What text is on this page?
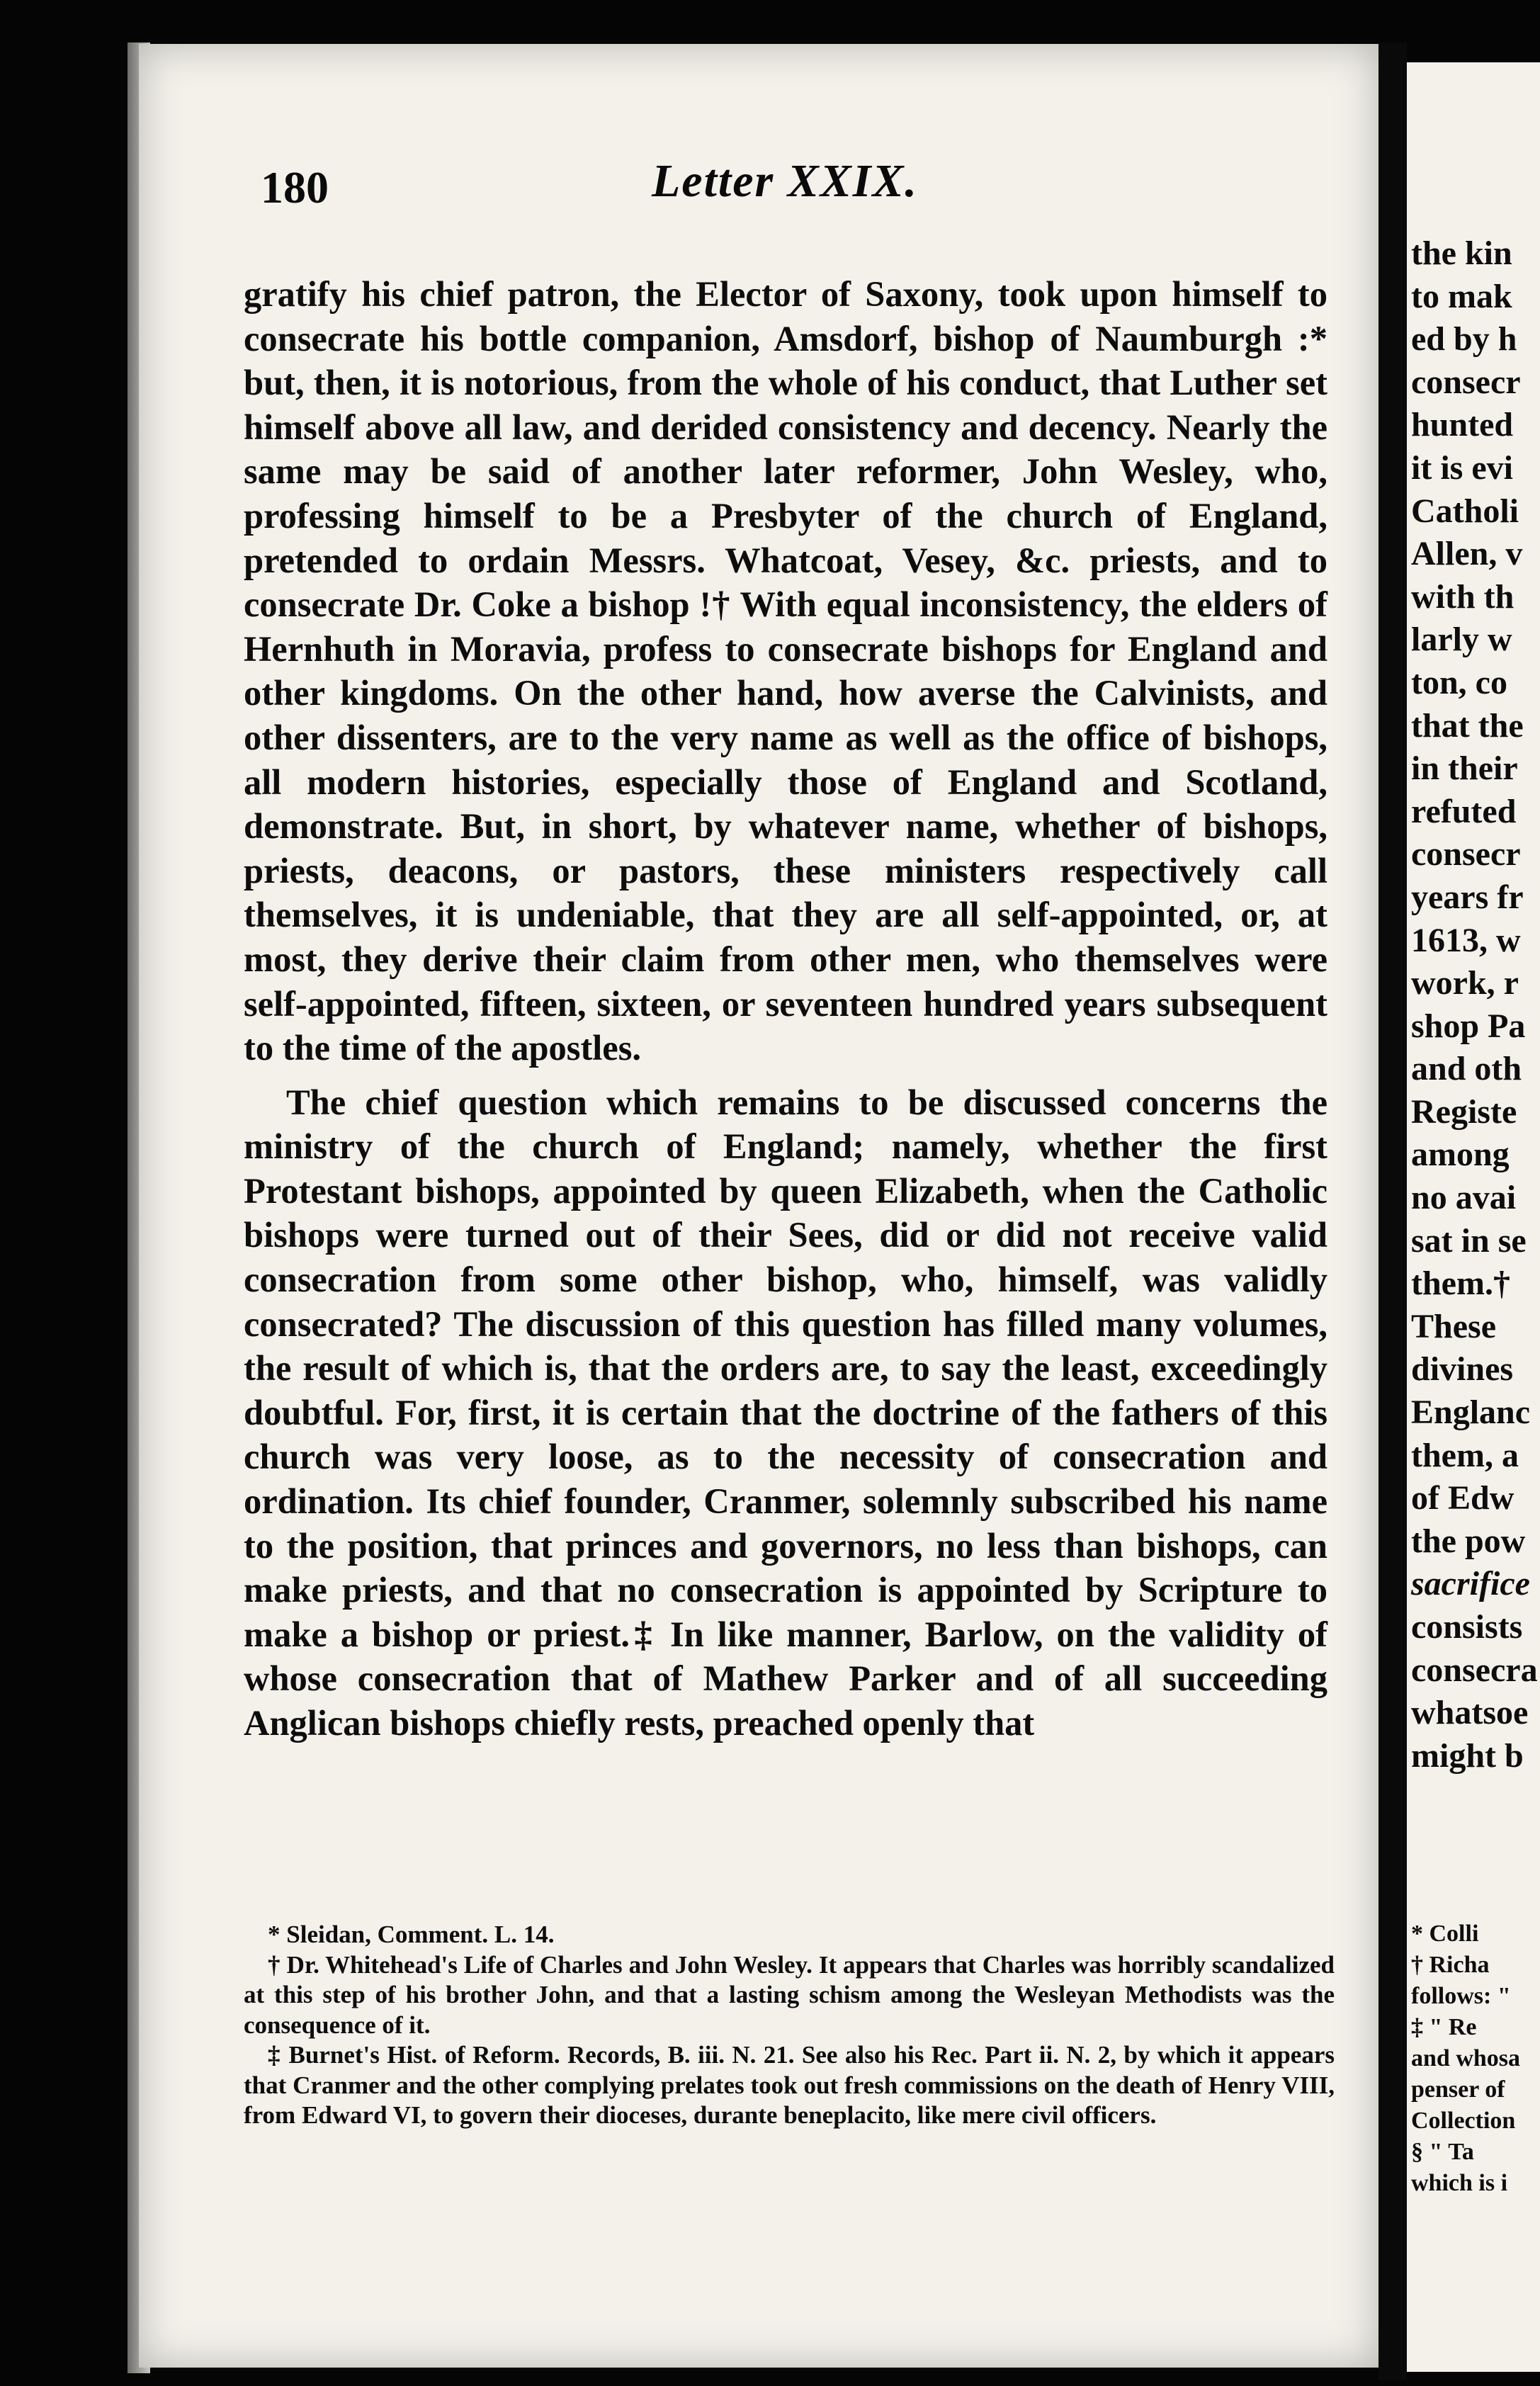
180	Letter XXIX.

gratify his chief patron, the Elector of Saxony, took upon himself to consecrate his bottle companion, Amsdorf, bishop of Naumburgh :* but, then, it is notorious, from the whole of his conduct, that Luther set himself above all law, and derided consistency and decency. Nearly the same may be said of another later reformer, John Wesley, who, professing himself to be a Presbyter of the church of England, pretended to ordain Messrs. Whatcoat, Vesey, &c. priests, and to consecrate Dr. Coke a bishop !† With equal inconsistency, the elders of Hernhuth in Moravia, profess to consecrate bishops for England and other kingdoms. On the other hand, how averse the Calvinists, and other dissenters, are to the very name as well as the office of bishops, all modern histories, especially those of England and Scotland, demonstrate. But, in short, by whatever name, whether of bishops, priests, deacons, or pastors, these ministers respectively call themselves, it is undeniable, that they are all self-appointed, or, at most, they derive their claim from other men, who themselves were self-appointed, fifteen, sixteen, or seventeen hundred years subsequent to the time of the apostles.

The chief question which remains to be discussed concerns the ministry of the church of England; namely, whether the first Protestant bishops, appointed by queen Elizabeth, when the Catholic bishops were turned out of their Sees, did or did not receive valid consecration from some other bishop, who, himself, was validly consecrated? The discussion of this question has filled many volumes, the result of which is, that the orders are, to say the least, exceedingly doubtful. For, first, it is certain that the doctrine of the fathers of this church was very loose, as to the necessity of consecration and ordination. Its chief founder, Cranmer, solemnly subscribed his name to the position, that princes and governors, no less than bishops, can make priests, and that no consecration is appointed by Scripture to make a bishop or priest.‡ In like manner, Barlow, on the validity of whose consecration that of Mathew Parker and of all succeeding Anglican bishops chiefly rests, preached openly that

* Sleidan, Comment. L. 14.

† Dr. Whitehead's Life of Charles and John Wesley. It appears that Charles was horribly scandalized at this step of his brother John, and that a lasting schism among the Wesleyan Methodists was the consequence of it.

‡ Burnet's Hist. of Reform. Records, B. iii. N. 21. See also his Rec. Part ii. N. 2, by which it appears that Cranmer and the other complying prelates took out fresh commissions on the death of Henry VIII, from Edward VI, to govern their dioceses, durante beneplacito, like mere civil officers.

the kin
to mak
ed by h
consecr
hunted
it is evi
Catholi
Allen, v
with th
larly w
ton, co
that the
in their
refuted
consecr
years fr
1613, w
work, r
shop Pa
and oth
Registe
among
no avai
sat in se
them.†
These
divines
Englanc
them, a
of Edw
the pow
sacrifice
consists
consecra
whatsoe
might b
* Colli
† Richa
follows: "
‡ " Re
and whosa
penser of
Collection
§ " Ta
which is i
